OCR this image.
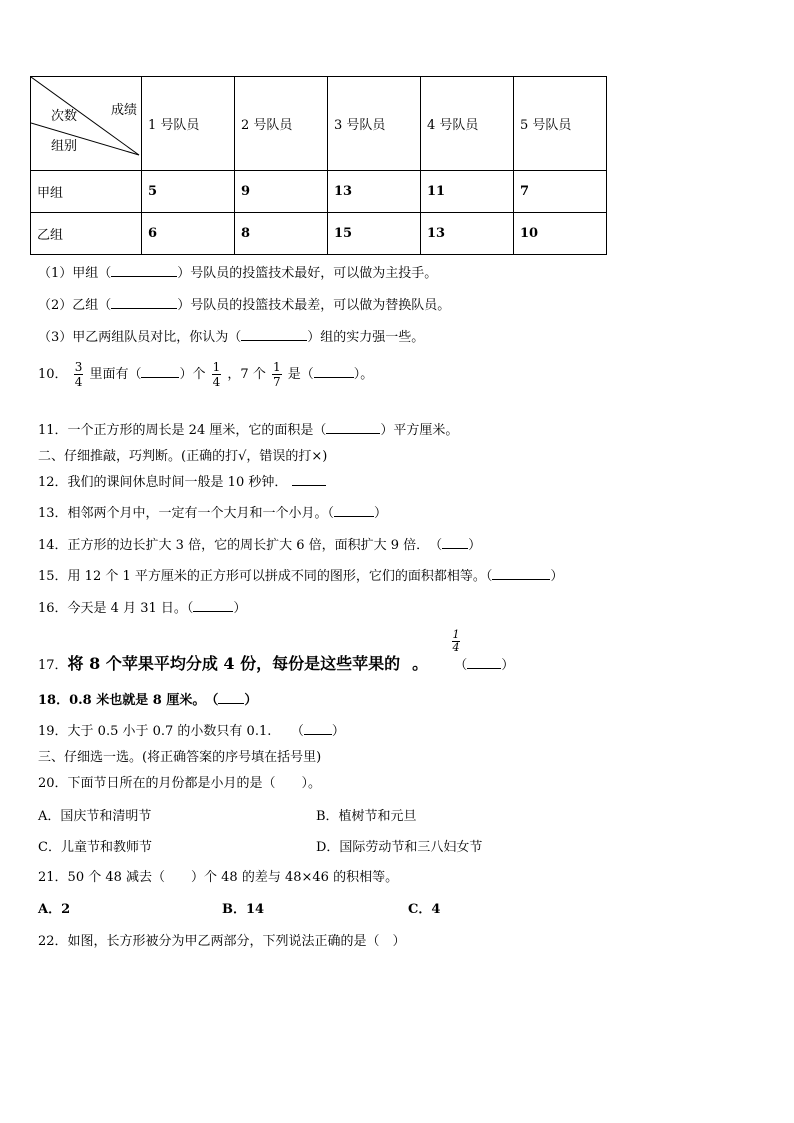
成绩
次数
组别	1 号队员	2 号队员	3 号队员	4 号队员	5 号队员
甲组	5	9	13	11	7
乙组	6	8	15	13	10
（1）甲组（	）号队员的投篮技术最好，可以做为主投手。
（2）乙组（	）号队员的投篮技术最差，可以做为替换队员。
（3）甲乙两组队员对比，你认为（	）组的实力强一些。
10． $\frac{3}{4}$ 里面有（	）个 $\frac{1}{4}$ ，7 个 $\frac{1}{7}$ 是（	）。
11．一个正方形的周长是 24 厘米，它的面积是（	）平方厘米。
二、仔细推敲，巧判断。(正确的打√，错误的打×)
12．我们的课间休息时间一般是 10 秒钟．
13．相邻两个月中，一定有一个大月和一个小月。（	）
14．正方形的边长扩大 3 倍，它的周长扩大 6 倍，面积扩大 9 倍．　（ ）
15．用 12 个 1 平方厘米的正方形可以拼成不同的图形，它们的面积都相等。（	）
16．今天是 4 月 31 日。（	）
1
4
17．将 8 个苹果平均分成 4 份，每份是这些苹果的 。 （	）
18．0.8 米也就是 8 厘米。　（ ）
19．大于 0.5 小于 0.7 的小数只有 0.1.　　（ ）
三、仔细选一选。(将正确答案的序号填在括号里)
20．下面节日所在的月份都是小月的是（　　）。
A．国庆节和清明节	B．植树节和元旦
C．儿童节和教师节	D．国际劳动节和三八妇女节
21．50 个 48 减去（　　）个 48 的差与 48×46 的积相等。
A．2	B．14	C．4
22．如图，长方形被分为甲乙两部分，下列说法正确的是（　）
